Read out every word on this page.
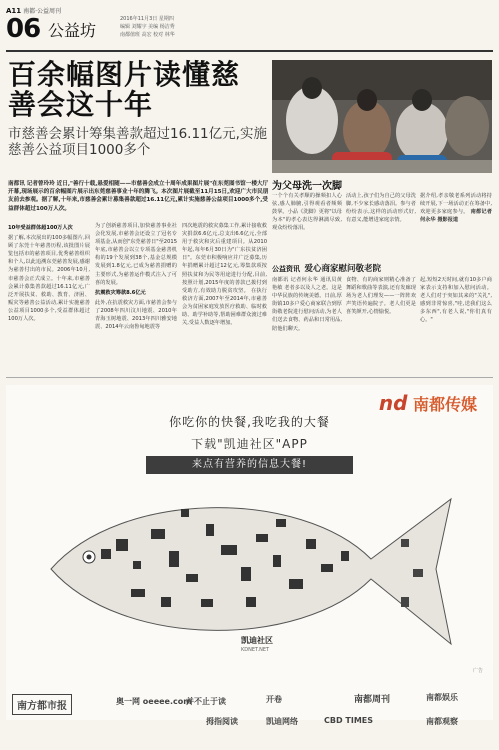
A11 南都·公益周刊
06 公益坊
2016年11月3日 星期四
编辑 刘耀宇 美编 杨洁秀
南都值班 高宏 校对 林华
百余幅图片读懂慈善会这十年
市慈善会累计筹集善款超过16.11亿元,实施慈善公益项目1000多个
南都讯 记者曾玲玲 近日,"善行十载,悬爱相随——市慈善会成立十周年成果图片展"在东莞图书馆一楼大厅开幕,现场展示的百余幅图片展示出东莞慈善事业十年的腾飞。本次图片展截至11月15日,欢迎广大市民朋友前去参观。据了解,十年来,市慈善会累计募集善款超过16.11亿元,累计实施慈善公益项目1000多个,受益群体超过100万人次。
10年受益群体超100万人次
据了解,本次展出的100多幅图片,回顾了东莞十年慈善历程,该批图片展览包括市的慈善项目,优秀慈善组织和个人,以此追溯东莞慈善发展,感谢为慈善付出的市民。2006年10月,市慈善会正式成立。十年来,市慈善会累计募集善款超过16.11亿元,广泛开展扶贫、救助、教育、济困、赈灾等慈善公益活动,累计实施慈善公益项目1000多个,受益群体超过100万人次。
为了创新慈善项目,加快慈善事业社会化发展,市慈善会还设立了冠名专项基金,从而创"东莞慈善日"至2015年底,市慈善会以立专项基金慈善机构的19个发展到38个,基金总规模发展到1.8亿元,已成为慈善捐赠的主要形式,为慈善运作模式注入了可喜的发展。
抗震救灾筹款8.6亿元
此外,在抗震救灾方面,市慈善会参与了2008年四川汶川地震、2010年青海玉树地震、2013年四川雅安地震、2014年云南鲁甸地震等
四次地震的救灾募集工作,累计接收救灾捐款6.6亿元,总支出6.6亿元,全部用于救灾和灾后重建项目。从2010年起,每年6月30日为"广东扶贫济困日"。东莞市积极响应并广泛募集,历年捐赠累计超过12亿元,筹集款项按照扶贫和为民等用途进行分配,目前,按照计划,2015年度的善款已拨付到受助方,有效助力脱贫攻坚。 在执行救济方面,2007年至2014年,市慈善会为贫困家庭发放医疗救助、临时救助、助学补助等,帮助困难群众渡过难关,受益人数逐年增加。
为父母洗一次脚
一个个有关孝顺的操频扣人心弦,感人肺腑,引得观看者频频鼓掌。小品《洗脚》更将"以母为本"的孝心表达得淋漓尽致,观众纷纷落泪。
活动上,孩子们为自己的父母洗脚,不少家长感动落泪。参与者纷纷表示,这样的活动形式好,有意义,能增进家庭亲情。
据介绍,孝亲敬老系列活动将持续开展,下一场活动正在筹备中,欢迎更多家庭参与。 南都记者 何永华 摄影报道
公益资讯 爱心商家慰问敬老院
南都讯 记者何永华 通讯员黄艳敏 老者多以及人之老。这是中华民族的传统美德。日前,厚街镇10多户爱心商家联合到厚街敬老院进行慰问活动,为老人们送去食物、药品和日常用品,陪他们聊天。
食物、有的商家则精心准备了舞蹈和歌曲等表演,还有发廊现场为老人们理发——一阵阵欢声笑语传遍院子。老人们更是喜笑颜开,心情愉悦。
起,短短2天时间,就有10多户商家表示支持和加入慰问活动。老人们对于突如其来的"关礼",感到非常惊喜,"哇,送我们这么多东西",有老人说,"你们真有心。"
nd 南都传媒
你吃你的快餐,我吃我的大餐
下载"凯迪社区"APP
来点有营养的信息大餐!
凯迪社区
KDNET.NET
广告
南方都市报	奥一网 oeeee.com
并不止于读	南都周刊	南都娱乐
凯迪网络	CBD TIMES	南都观察
拇指阅读
开卷
